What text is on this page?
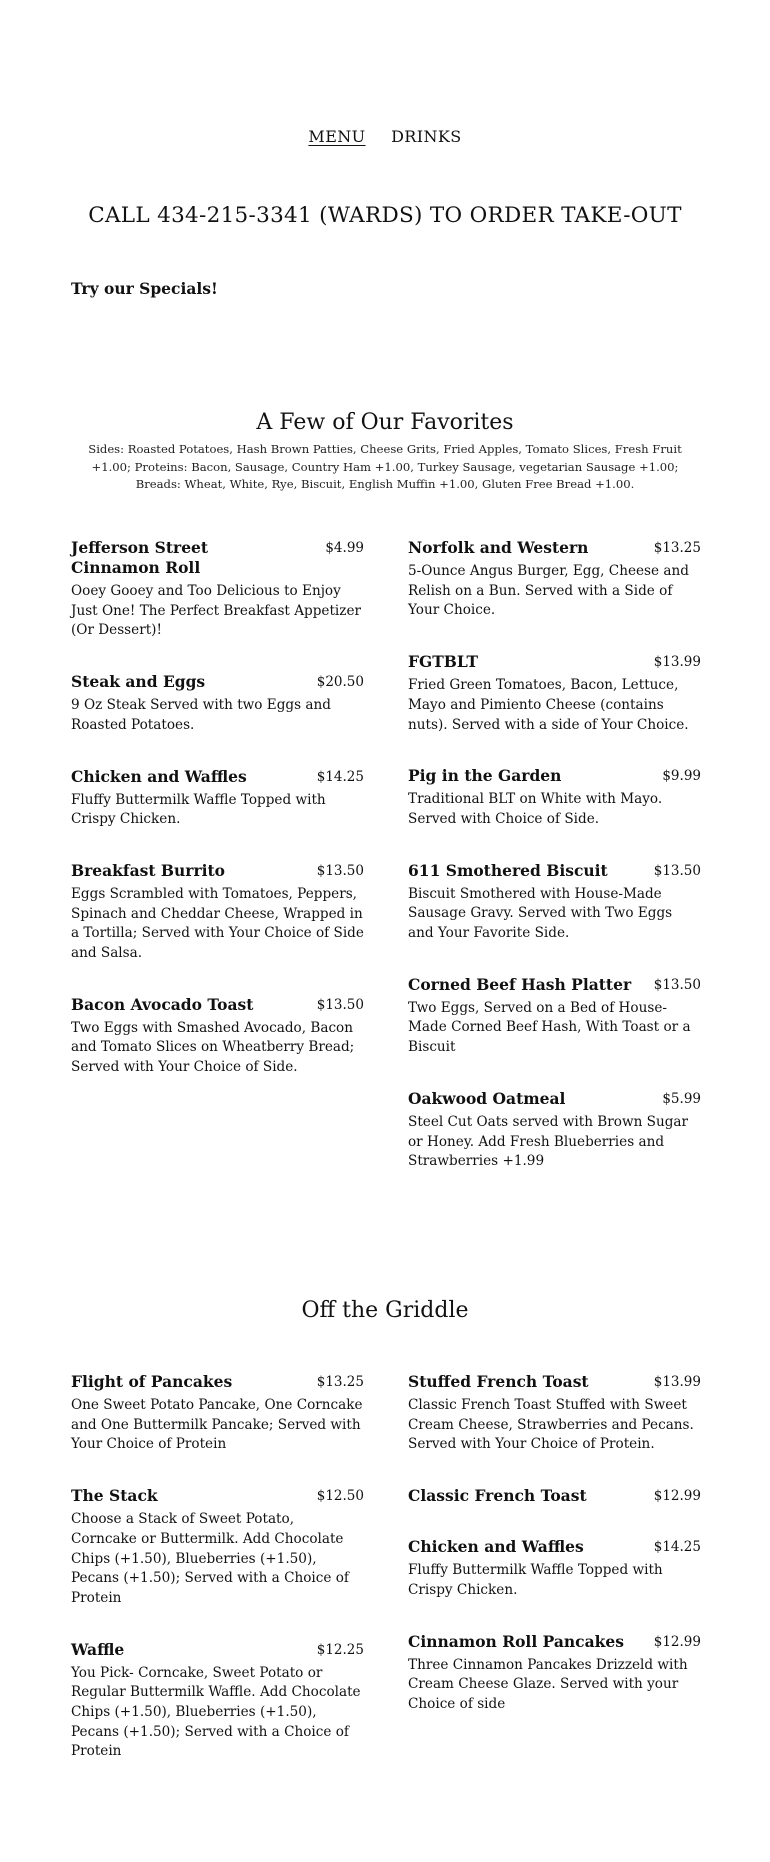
MENU DRINKS
CALL 434-215-3341 (WARDS) TO ORDER TAKE-OUT
Try our Specials!
A Few of Our Favorites
Sides: Roasted Potatoes, Hash Brown Patties, Cheese Grits, Fried Apples, Tomato Slices, Fresh Fruit +1.00; Proteins: Bacon, Sausage, Country Ham +1.00, Turkey Sausage, vegetarian Sausage +1.00; Breads: Wheat, White, Rye, Biscuit, English Muffin +1.00, Gluten Free Bread +1.00.
Jefferson Street Cinnamon Roll
$4.99
Ooey Gooey and Too Delicious to Enjoy Just One! The Perfect Breakfast Appetizer (Or Dessert)!
Steak and Eggs	$20.50
9 Oz Steak Served with two Eggs and Roasted Potatoes.
Chicken and Waffles	$14.25
Fluffy Buttermilk Waffle Topped with Crispy Chicken.
Breakfast Burrito	$13.50
Eggs Scrambled with Tomatoes, Peppers, Spinach and Cheddar Cheese, Wrapped in a Tortilla; Served with Your Choice of Side and Salsa.
Bacon Avocado Toast	$13.50
Two Eggs with Smashed Avocado, Bacon and Tomato Slices on Wheatberry Bread; Served with Your Choice of Side.
Norfolk and Western	$13.25
5-Ounce Angus Burger, Egg, Cheese and Relish on a Bun. Served with a Side of Your Choice.
FGTBLT	$13.99
Fried Green Tomatoes, Bacon, Lettuce, Mayo and Pimiento Cheese (contains nuts). Served with a side of Your Choice.
Pig in the Garden	$9.99
Traditional BLT on White with Mayo. Served with Choice of Side.
611 Smothered Biscuit	$13.50
Biscuit Smothered with House-Made Sausage Gravy. Served with Two Eggs and Your Favorite Side.
Corned Beef Hash Platter	$13.50
Two Eggs, Served on a Bed of House-Made Corned Beef Hash, With Toast or a Biscuit
Oakwood Oatmeal	$5.99
Steel Cut Oats served with Brown Sugar or Honey. Add Fresh Blueberries and Strawberries +1.99
Off the Griddle
Flight of Pancakes	$13.25
One Sweet Potato Pancake, One Corncake and One Buttermilk Pancake; Served with Your Choice of Protein
The Stack	$12.50
Choose a Stack of Sweet Potato, Corncake or Buttermilk. Add Chocolate Chips (+1.50), Blueberries (+1.50), Pecans (+1.50); Served with a Choice of Protein
Waffle	$12.25
You Pick- Corncake, Sweet Potato or Regular Buttermilk Waffle. Add Chocolate Chips (+1.50), Blueberries (+1.50), Pecans (+1.50); Served with a Choice of Protein
Stuffed French Toast	$13.99
Classic French Toast Stuffed with Sweet Cream Cheese, Strawberries and Pecans. Served with Your Choice of Protein.
Classic French Toast	$12.99
Chicken and Waffles	$14.25
Fluffy Buttermilk Waffle Topped with Crispy Chicken.
Cinnamon Roll Pancakes	$12.99
Three Cinnamon Pancakes Drizzeld with Cream Cheese Glaze. Served with your Choice of side
